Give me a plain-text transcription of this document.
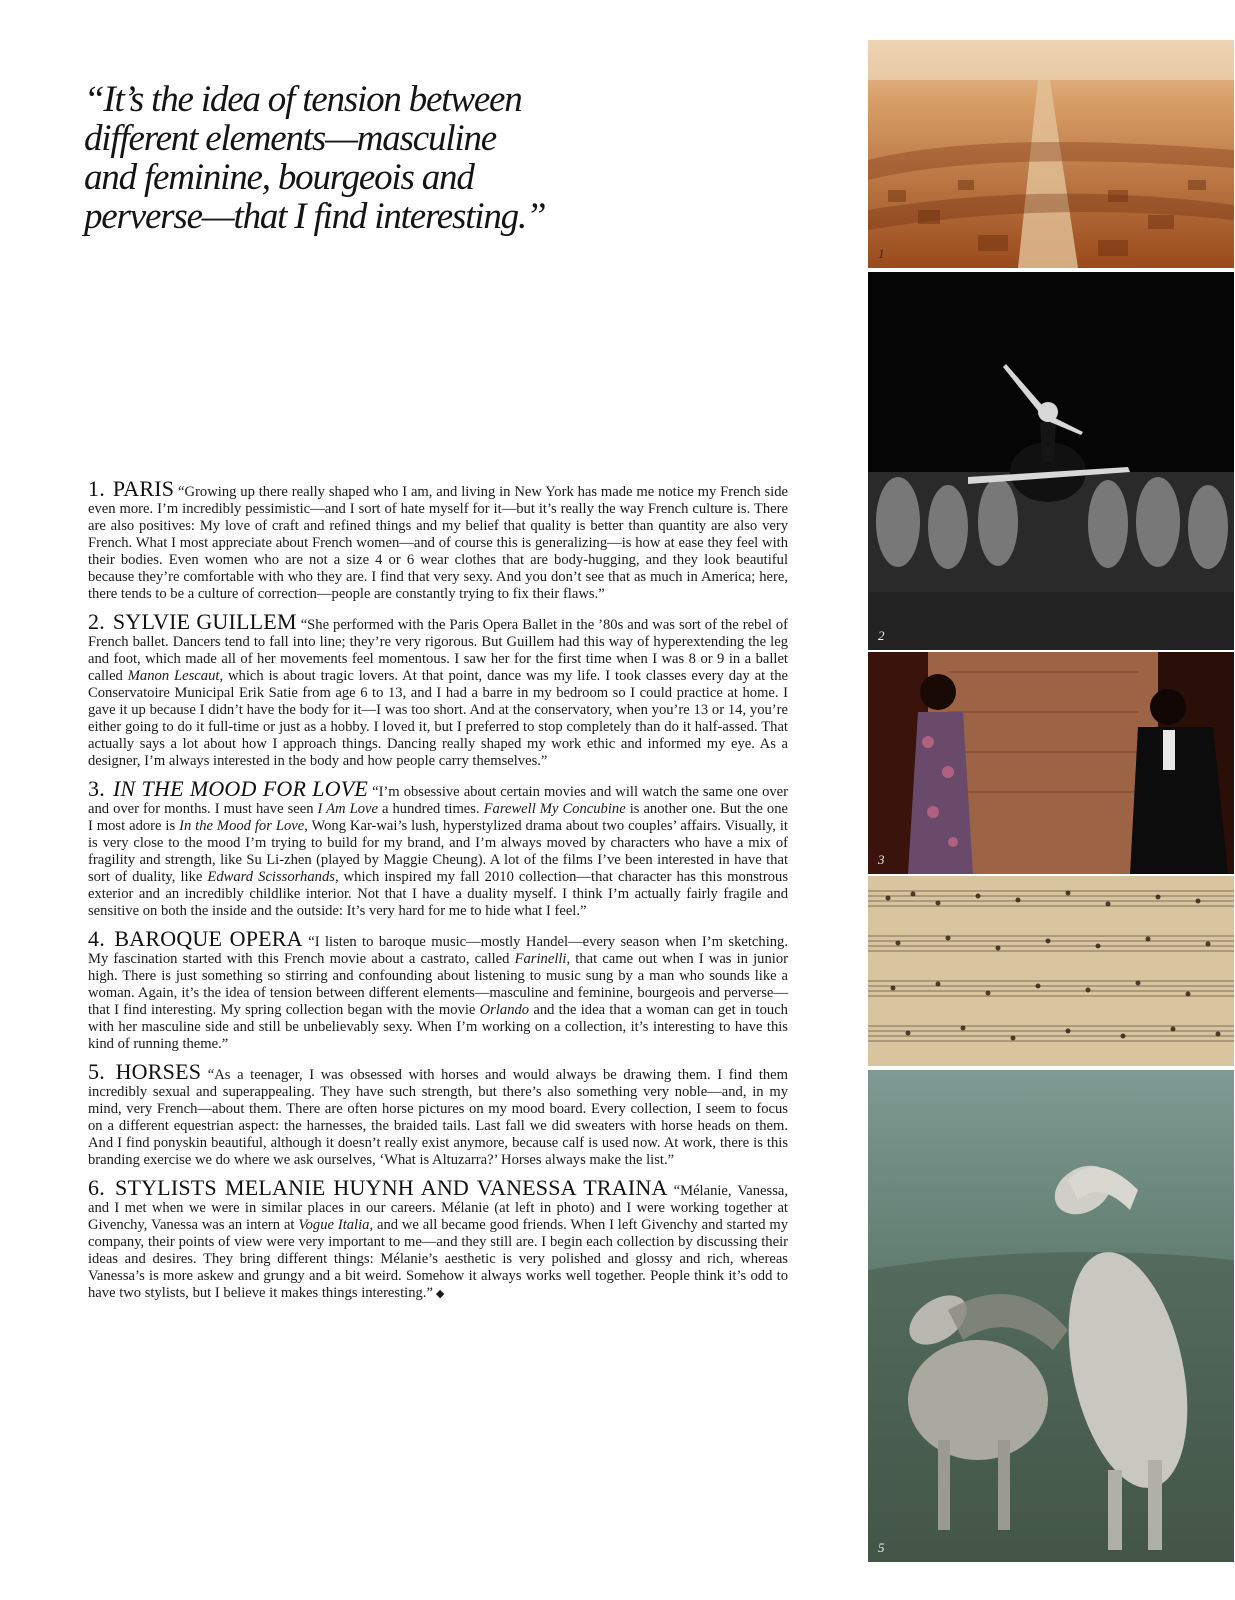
“It’s the idea of tension between different elements—masculine and feminine, bourgeois and perverse—that I find interesting.”

1. PARIS “Growing up there really shaped who I am, and living in New York has made me notice my French side even more. I’m incredibly pessimistic—and I sort of hate myself for it—but it’s really the way French culture is. There are also positives: My love of craft and refined things and my belief that quality is better than quantity are also very French. What I most appreciate about French women—and of course this is generalizing—is how at ease they feel with their bodies. Even women who are not a size 4 or 6 wear clothes that are body-hugging, and they look beautiful because they’re comfortable with who they are. I find that very sexy. And you don’t see that as much in America; here, there tends to be a culture of correction—people are constantly trying to fix their flaws.”

2. SYLVIE GUILLEM “She performed with the Paris Opera Ballet in the ’80s and was sort of the rebel of French ballet. Dancers tend to fall into line; they’re very rigorous. But Guillem had this way of hyperextending the leg and foot, which made all of her movements feel momentous. I saw her for the first time when I was 8 or 9 in a ballet called Manon Lescaut, which is about tragic lovers. At that point, dance was my life. I took classes every day at the Conservatoire Municipal Erik Satie from age 6 to 13, and I had a barre in my bedroom so I could practice at home. I gave it up because I didn’t have the body for it—I was too short. And at the conservatory, when you’re 13 or 14, you’re either going to do it full-time or just as a hobby. I loved it, but I preferred to stop completely than do it half-assed. That actually says a lot about how I approach things. Dancing really shaped my work ethic and informed my eye. As a designer, I’m always interested in the body and how people carry themselves.”

3. IN THE MOOD FOR LOVE “I’m obsessive about certain movies and will watch the same one over and over for months. I must have seen I Am Love a hundred times. Farewell My Concubine is another one. But the one I most adore is In the Mood for Love, Wong Kar-wai’s lush, hyperstylized drama about two couples’ affairs. Visually, it is very close to the mood I’m trying to build for my brand, and I’m always moved by characters who have a mix of fragility and strength, like Su Li-zhen (played by Maggie Cheung). A lot of the films I’ve been interested in have that sort of duality, like Edward Scissorhands, which inspired my fall 2010 collection—that character has this monstrous exterior and an incredibly childlike interior. Not that I have a duality myself. I think I’m actually fairly fragile and sensitive on both the inside and the outside: It’s very hard for me to hide what I feel.”

4. BAROQUE OPERA “I listen to baroque music—mostly Handel—every season when I’m sketching. My fascination started with this French movie about a castrato, called Farinelli, that came out when I was in junior high. There is just something so stirring and confounding about listening to music sung by a man who sounds like a woman. Again, it’s the idea of tension between different elements—masculine and feminine, bourgeois and perverse—that I find interesting. My spring collection began with the movie Orlando and the idea that a woman can get in touch with her masculine side and still be unbelievably sexy. When I’m working on a collection, it’s interesting to have this kind of running theme.”

5. HORSES “As a teenager, I was obsessed with horses and would always be drawing them. I find them incredibly sexual and superappealing. They have such strength, but there’s also something very noble—and, in my mind, very French—about them. There are often horse pictures on my mood board. Every collection, I seem to focus on a different equestrian aspect: the harnesses, the braided tails. Last fall we did sweaters with horse heads on them. And I find ponyskin beautiful, although it doesn’t really exist anymore, because calf is used now. At work, there is this branding exercise we do where we ask ourselves, ‘What is Altuzarra?’ Horses always make the list.”

6. STYLISTS MELANIE HUYNH AND VANESSA TRAINA “Mélanie, Vanessa, and I met when we were in similar places in our careers. Mélanie (at left in photo) and I were working together at Givenchy, Vanessa was an intern at Vogue Italia, and we all became good friends. When I left Givenchy and started my company, their points of view were very important to me—and they still are. I begin each collection by discussing their ideas and desires. They bring different things: Mélanie’s aesthetic is very polished and glossy and rich, whereas Vanessa’s is more askew and grungy and a bit weird. Somehow it always works well together. People think it’s odd to have two stylists, but I believe it makes things interesting.” ◆

1
2
3
5
